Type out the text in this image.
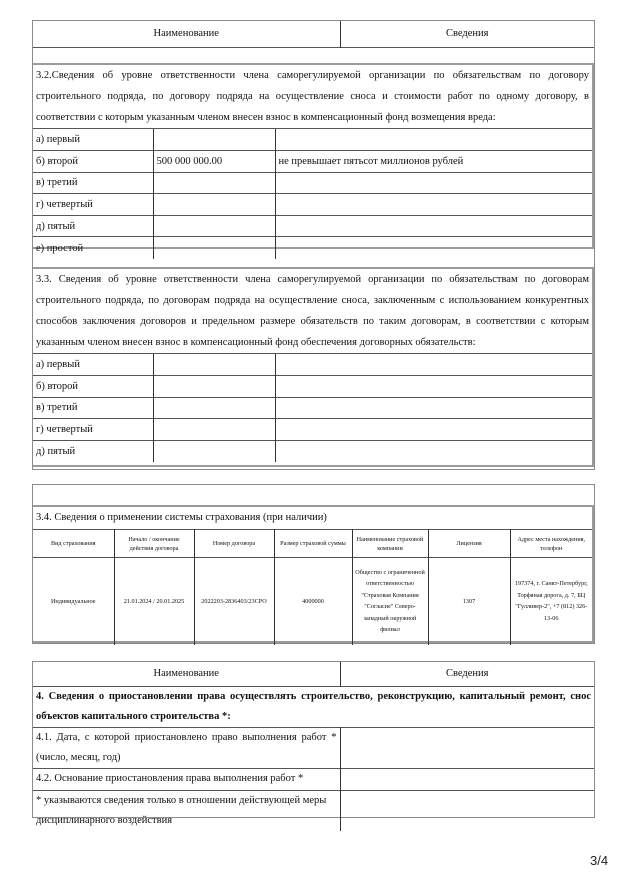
Наименование	Сведения
3.2.Сведения об уровне ответственности члена саморегулируемой организации по обязательствам по договору строительного подряда, по договору подряда на осуществление сноса и стоимости работ по одному договору, в соответствии с которым указанным членом внесен взнос в компенсационный фонд возмещения вреда:
а) первый		
б) второй	500 000 000.00	не превышает пятьсот миллионов рублей
в) третий		
г) четвертый		
д) пятый		
е) простой		
3.3. Сведения об уровне ответственности члена саморегулируемой организации по обязательствам по договорам строительного подряда, по договорам подряда на осуществление сноса, заключенным с использованием конкурентных способов заключения договоров и предельном размере обязательств по таким договорам, в соответствии с которым указанным членом внесен взнос в компенсационный фонд обеспечения договорных обязательств:
а) первый		
б) второй		
в) третий		
г) четвертый		
д) пятый		
3.4. Сведения о применении системы страхования (при наличии)
Вид страхования	Начало / окончание действия договора	Номер договора	Размер страховой суммы	Наименование страховой компании	Лицензия	Адрес места нахождения, телефон
Индивидуальное	21.01.2024 / 20.01.2025	2022203-2836403/23СРО	4000000	Общество с ограниченной ответственностью "Страховая Компания "Согласие" Северо-западный окружной филиал	1307	197374, г. Санкт-Петербург, Торфяная дорога, д. 7, БЦ "Гулливер-2", +7 (812) 326-13-06
Наименование	Сведения
4. Сведения о приостановлении права осуществлять строительство, реконструкцию, капитальный ремонт, снос объектов капитального строительства *:	
4.1. Дата, с которой приостановлено право выполнения работ * (число, месяц, год)	
4.2. Основание приостановления права выполнения работ *	
* указываются сведения только в отношении действующей меры дисциплинарного воздействия	
3/4
